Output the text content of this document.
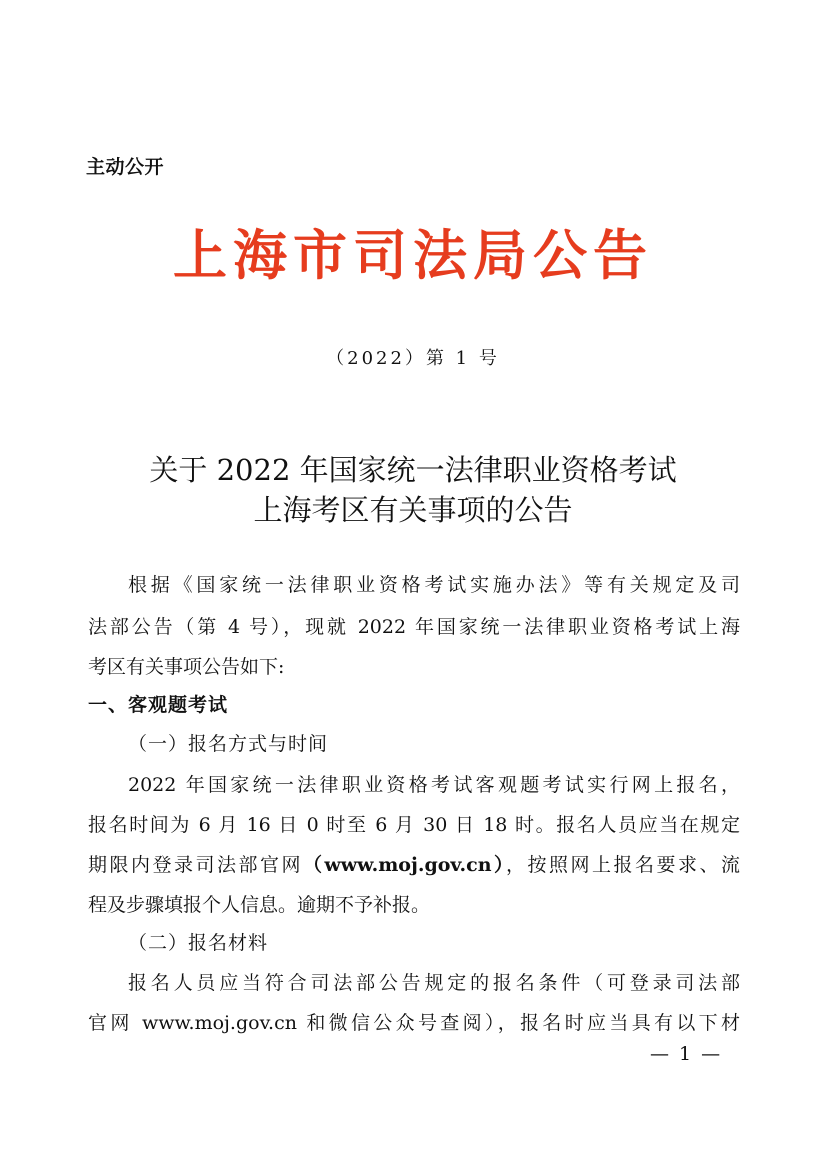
主动公开
上海市司法局公告
（2022）第 1 号
关于 2022 年国家统一法律职业资格考试
上海考区有关事项的公告
根据《国家统一法律职业资格考试实施办法》等有关规定及司
法部公告（第 4 号），现就 2022 年国家统一法律职业资格考试上海
考区有关事项公告如下:
一、客观题考试
（一）报名方式与时间
2022 年国家统一法律职业资格考试客观题考试实行网上报名，
报名时间为 6 月 16 日 0 时至 6 月 30 日 18 时。报名人员应当在规定
期限内登录司法部官网（www.moj.gov.cn），按照网上报名要求、流
程及步骤填报个人信息。逾期不予补报。
（二）报名材料
报名人员应当符合司法部公告规定的报名条件（可登录司法部
官网 www.moj.gov.cn 和微信公众号查阅），报名时应当具有以下材
— 1 —
